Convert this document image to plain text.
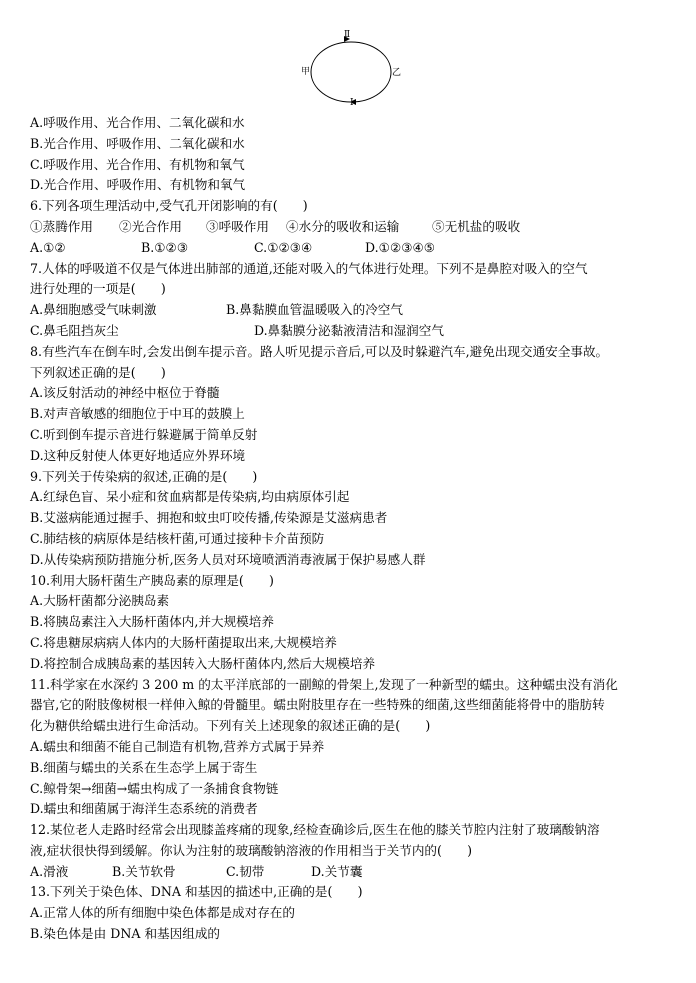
Ⅱ
Ⅰ
甲	乙
A.呼吸作用、光合作用、二氧化碳和水
B.光合作用、呼吸作用、二氧化碳和水
C.呼吸作用、光合作用、有机物和氧气
D.光合作用、呼吸作用、有机物和氧气
6.下列各项生理活动中,受气孔开闭影响的有(　　)
①蒸腾作用	②光合作用	③呼吸作用	④水分的吸收和运输	⑤无机盐的吸收
A.①②	B.①②③	C.①②③④	D.①②③④⑤
7.人体的呼吸道不仅是气体进出肺部的通道,还能对吸入的气体进行处理。下列不是鼻腔对吸入的空气
进行处理的一项是(　　)
A.鼻细胞感受气味刺激	B.鼻黏膜血管温暖吸入的冷空气
C.鼻毛阻挡灰尘	D.鼻黏膜分泌黏液清洁和湿润空气
8.有些汽车在倒车时,会发出倒车提示音。路人听见提示音后,可以及时躲避汽车,避免出现交通安全事故。
下列叙述正确的是(　　)
A.该反射活动的神经中枢位于脊髓
B.对声音敏感的细胞位于中耳的鼓膜上
C.听到倒车提示音进行躲避属于简单反射
D.这种反射使人体更好地适应外界环境
9.下列关于传染病的叙述,正确的是(　　)
A.红绿色盲、呆小症和贫血病都是传染病,均由病原体引起
B.艾滋病能通过握手、拥抱和蚊虫叮咬传播,传染源是艾滋病患者
C.肺结核的病原体是结核杆菌,可通过接种卡介苗预防
D.从传染病预防措施分析,医务人员对环境喷洒消毒液属于保护易感人群
10.利用大肠杆菌生产胰岛素的原理是(　　)
A.大肠杆菌都分泌胰岛素
B.将胰岛素注入大肠杆菌体内,并大规模培养
C.将患糖尿病病人体内的大肠杆菌提取出来,大规模培养
D.将控制合成胰岛素的基因转入大肠杆菌体内,然后大规模培养
11.科学家在水深约 3 200 m 的太平洋底部的一副鲸的骨架上,发现了一种新型的蠕虫。这种蠕虫没有消化
器官,它的附肢像树根一样伸入鲸的骨髓里。蠕虫附肢里存在一些特殊的细菌,这些细菌能将骨中的脂肪转
化为糖供给蠕虫进行生命活动。下列有关上述现象的叙述正确的是(　　)
A.蠕虫和细菌不能自己制造有机物,营养方式属于异养
B.细菌与蠕虫的关系在生态学上属于寄生
C.鲸骨架→细菌→蠕虫构成了一条捕食食物链
D.蠕虫和细菌属于海洋生态系统的消费者
12.某位老人走路时经常会出现膝盖疼痛的现象,经检查确诊后,医生在他的膝关节腔内注射了玻璃酸钠溶
液,症状很快得到缓解。你认为注射的玻璃酸钠溶液的作用相当于关节内的(　　)
A.滑液	B.关节软骨	C.韧带	D.关节囊
13.下列关于染色体、DNA 和基因的描述中,正确的是(　　)
A.正常人体的所有细胞中染色体都是成对存在的
B.染色体是由 DNA 和基因组成的
